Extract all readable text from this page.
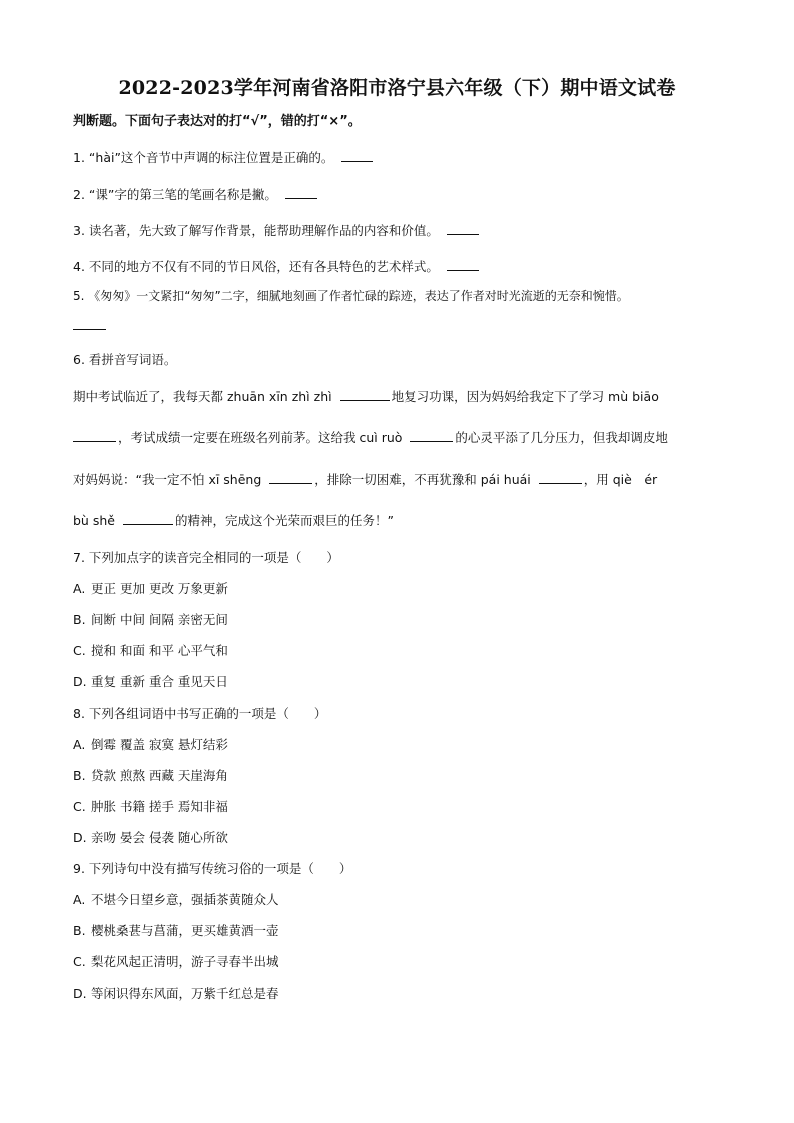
2022-2023学年河南省洛阳市洛宁县六年级（下）期中语文试卷
判断题。下面句子表达对的打“√”，错的打“×”。
1. “hài”这个音节中声调的标注位置是正确的。
2. “课”字的第三笔的笔画名称是撇。
3. 读名著，先大致了解写作背景，能帮助理解作品的内容和价值。
4. 不同的地方不仅有不同的节日风俗，还有各具特色的艺术样式。
5. 《匆匆》一文紧扣“匆匆”二字，细腻地刻画了作者忙碌的踪迹，表达了作者对时光流逝的无奈和惋惜。
6. 看拼音写词语。
期中考试临近了，我每天都 zhuān xīn zhì zhì	地复习功课，因为妈妈给我定下了学习 mù biāo
，考试成绩一定要在班级名列前茅。这给我 cuì ruò	的心灵平添了几分压力，但我却调皮地
对妈妈说：“我一定不怕 xī shēng	，排除一切困难，不再犹豫和 pái huái	，用 qiè　ér
bù shě	的精神，完成这个光荣而艰巨的任务！”
7. 下列加点字的读音完全相同的一项是（　　）
A. 更正 更加 更改 万象更新
B. 间断 中间 间隔 亲密无间
C. 搅和 和面 和平 心平气和
D. 重复 重新 重合 重见天日
8. 下列各组词语中书写正确的一项是（　　）
A. 倒霉 覆盖 寂寞 悬灯结彩
B. 贷款 煎熬 西藏 天崖海角
C. 肿胀 书籍 搓手 焉知非福
D. 亲吻 晏会 侵袭 随心所欲
9. 下列诗句中没有描写传统习俗的一项是（　　）
A. 不堪今日望乡意，强插茶黄随众人
B. 樱桃桑葚与菖蒲，更买雄黄酒一壶
C. 梨花风起正清明，游子寻春半出城
D. 等闲识得东风面，万紫千红总是春
